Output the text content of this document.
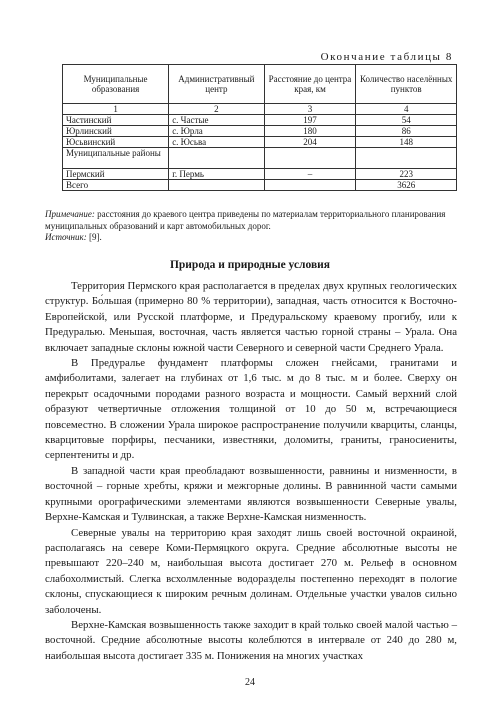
Окончание таблицы 8
Муниципальные образования	Административный центр	Расстояние до центра края, км	Количество населённых пунктов
1	2	3	4
Частинский	с. Частые	197	54
Юрлинский	с. Юрла	180	86
Юсьвинский	с. Юсьва	204	148
Муниципальные районы			
Пермский	г. Пермь	–	223
Всего			3626

Примечание: расстояния до краевого центра приведены по материалам территориального планирования муниципальных образований и карт автомобильных дорог.

Источник: [9].

Природа и природные условия

Территория Пермского края располагается в пределах двух крупных геологических структур. Бо́льшая (примерно 80 % территории), западная, часть относится к Восточно-Европейской, или Русской платформе, и Предуральскому краевому прогибу, или к Предуралью. Меньшая, восточная, часть является частью горной страны – Урала. Она включает западные склоны южной части Северного и северной части Среднего Урала.

В Предуралье фундамент платформы сложен гнейсами, гранитами и амфиболитами, залегает на глубинах от 1,6 тыс. м до 8 тыс. м и более. Сверху он перекрыт осадочными породами разного возраста и мощности. Самый верхний слой образуют четвертичные отложения толщиной от 10 до 50 м, встречающиеся повсеместно. В сложении Урала широкое распространение получили кварциты, сланцы, кварцитовые порфиры, песчаники, известняки, доломиты, граниты, граносиениты, серпентениты и др.

В западной части края преобладают возвышенности, равнины и низменности, в восточной – горные хребты, кряжи и межгорные долины. В равнинной части самыми крупными орографическими элементами являются возвышенности Северные увалы, Верхне-Камская и Тулвинская, а также Верхне-Камская низменность.

Северные увалы на территорию края заходят лишь своей восточной окраиной, располагаясь на севере Коми-Пермяцкого округа. Средние абсолютные высоты не превышают 220–240 м, наибольшая высота достигает 270 м. Рельеф в основном слабохолмистый. Слегка всхолмленные водоразделы постепенно переходят в пологие склоны, спускающиеся к широким речным долинам. Отдельные участки увалов сильно заболочены.

Верхне-Камская возвышенность также заходит в край только своей малой частью – восточной. Средние абсолютные высоты колеблются в интервале от 240 до 280 м, наибольшая высота достигает 335 м. Понижения на многих участках

24
